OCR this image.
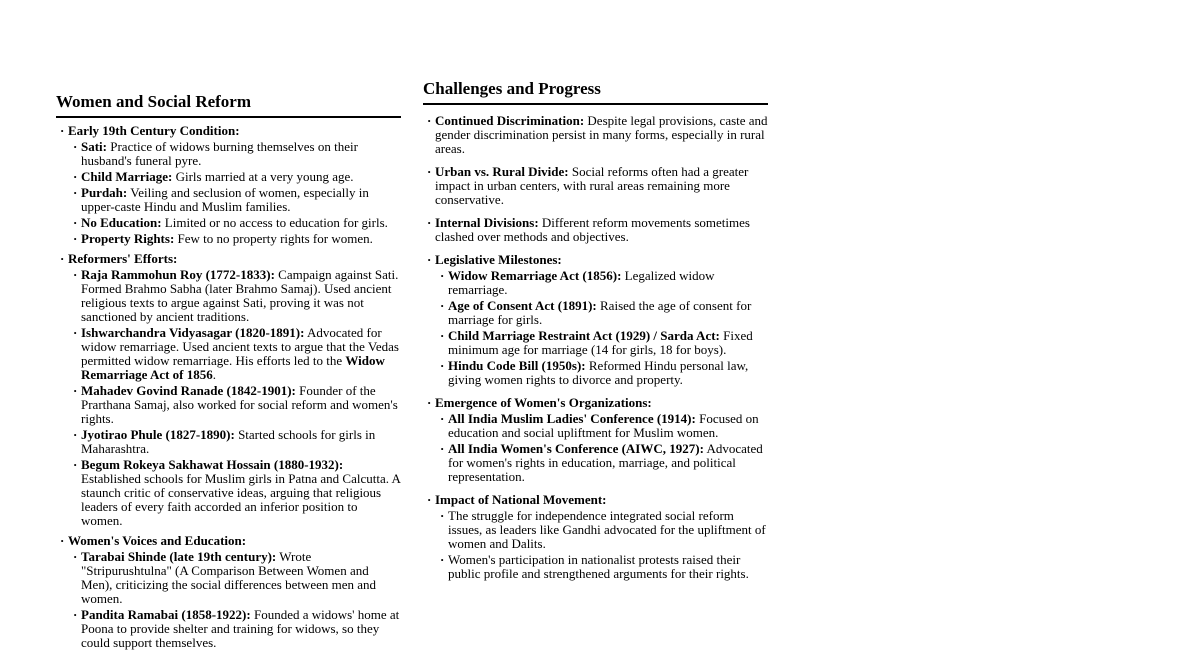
Women and Social Reform
· Early 19th Century Condition:
· Sati: Practice of widows burning themselves on their husband's funeral pyre.
· Child Marriage: Girls married at a very young age.
· Purdah: Veiling and seclusion of women, especially in upper-caste Hindu and Muslim families.
· No Education: Limited or no access to education for girls.
· Property Rights: Few to no property rights for women.
· Reformers' Efforts:
· Raja Rammohun Roy (1772-1833): Campaign against Sati. Formed Brahmo Sabha (later Brahmo Samaj). Used ancient religious texts to argue against Sati, proving it was not sanctioned by ancient traditions.
· Ishwarchandra Vidyasagar (1820-1891): Advocated for widow remarriage. Used ancient texts to argue that the Vedas permitted widow remarriage. His efforts led to the Widow Remarriage Act of 1856.
· Mahadev Govind Ranade (1842-1901): Founder of the Prarthana Samaj, also worked for social reform and women's rights.
· Jyotirao Phule (1827-1890): Started schools for girls in Maharashtra.
· Begum Rokeya Sakhawat Hossain (1880-1932): Established schools for Muslim girls in Patna and Calcutta. A staunch critic of conservative ideas, arguing that religious leaders of every faith accorded an inferior position to women.
· Women's Voices and Education:
· Tarabai Shinde (late 19th century): Wrote "Stripurushtulna" (A Comparison Between Women and Men), criticizing the social differences between men and women.
· Pandita Ramabai (1858-1922): Founded a widows' home at Poona to provide shelter and training for widows, so they could support themselves.
Challenges and Progress
· Continued Discrimination: Despite legal provisions, caste and gender discrimination persist in many forms, especially in rural areas.
· Urban vs. Rural Divide: Social reforms often had a greater impact in urban centers, with rural areas remaining more conservative.
· Internal Divisions: Different reform movements sometimes clashed over methods and objectives.
· Legislative Milestones:
· Widow Remarriage Act (1856): Legalized widow remarriage.
· Age of Consent Act (1891): Raised the age of consent for marriage for girls.
· Child Marriage Restraint Act (1929) / Sarda Act: Fixed minimum age for marriage (14 for girls, 18 for boys).
· Hindu Code Bill (1950s): Reformed Hindu personal law, giving women rights to divorce and property.
· Emergence of Women's Organizations:
· All India Muslim Ladies' Conference (1914): Focused on education and social upliftment for Muslim women.
· All India Women's Conference (AIWC, 1927): Advocated for women's rights in education, marriage, and political representation.
· Impact of National Movement:
· The struggle for independence integrated social reform issues, as leaders like Gandhi advocated for the upliftment of women and Dalits.
· Women's participation in nationalist protests raised their public profile and strengthened arguments for their rights.
